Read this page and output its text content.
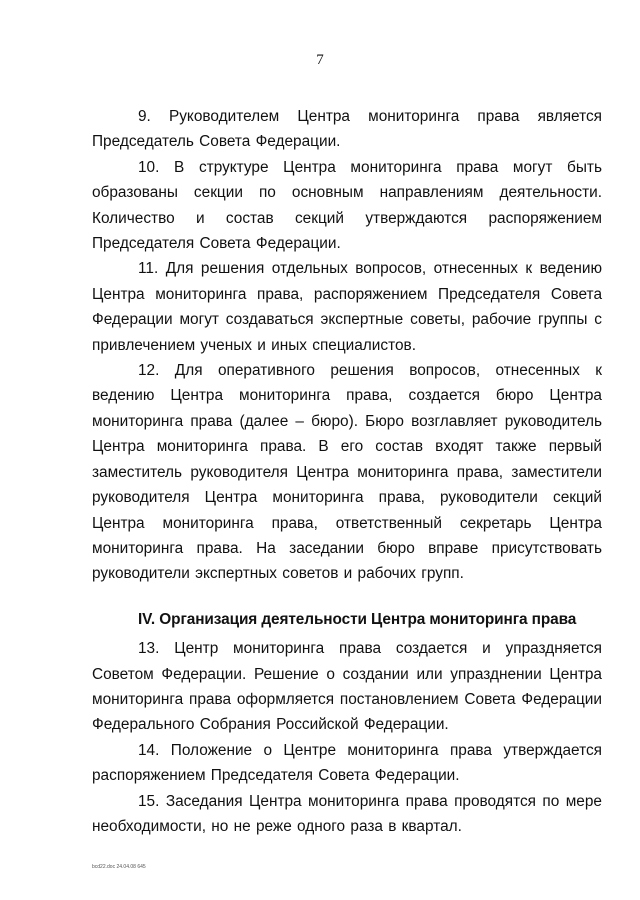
7

9. Руководителем Центра мониторинга права является Председатель Совета Федерации.

10. В структуре Центра мониторинга права могут быть образованы секции по основным направлениям деятельности. Количество и состав секций утверждаются распоряжением Председателя Совета Федерации.

11. Для решения отдельных вопросов, отнесенных к ведению Центра мониторинга права, распоряжением Председателя Совета Федерации могут создаваться экспертные советы, рабочие группы с привлечением ученых и иных специалистов.

12. Для оперативного решения вопросов, отнесенных к ведению Центра мониторинга права, создается бюро Центра мониторинга права (далее – бюро). Бюро возглавляет руководитель Центра мониторинга права. В его состав входят также первый заместитель руководителя Центра мониторинга права, заместители руководителя Центра мониторинга права, руководители секций Центра мониторинга права, ответственный секретарь Центра мониторинга права. На заседании бюро вправе присутствовать руководители экспертных советов и рабочих групп.

IV. Организация деятельности Центра мониторинга права

13. Центр мониторинга права создается и упраздняется Советом Федерации. Решение о создании или упразднении Центра мониторинга права оформляется постановлением Совета Федерации Федерального Собрания Российской Федерации.

14. Положение о Центре мониторинга права утверждается распоряжением Председателя Совета Федерации.

15. Заседания Центра мониторинга права проводятся по мере необходимости, но не реже одного раза в квартал.

bcd22.doc 24.04.08 645
